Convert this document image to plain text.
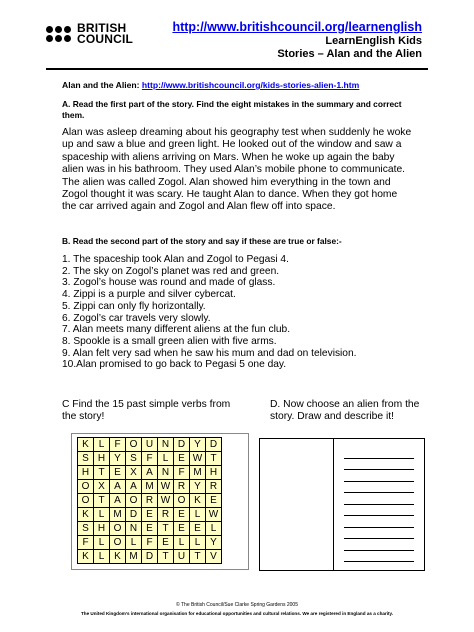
BRITISH
COUNCIL
http://www.britishcouncil.org/learnenglish
LearnEnglish Kids
Stories – Alan and the Alien
Alan and the Alien: http://www.britishcouncil.org/kids-stories-alien-1.htm
A. Read the first part of the story. Find the eight mistakes in the summary and correct them.
Alan was asleep dreaming about his geography test when suddenly he woke up and saw a blue and green light. He looked out of the window and saw a spaceship with aliens arriving on Mars. When he woke up again the baby alien was in his bathroom. They used Alan’s mobile phone to communicate. The alien was called Zogol. Alan showed him everything in the town and Zogol thought it was scary. He taught Alan to dance. When they got home the car arrived again and Zogol and Alan flew off into space.
B. Read the second part of the story and say if these are true or false:-
1. The spaceship took Alan and Zogol to Pegasi 4.
2. The sky on Zogol’s planet was red and green.
3. Zogol’s house was round and made of glass.
4. Zippi is a purple and silver cybercat.
5. Zippi can only fly horizontally.
6. Zogol’s car travels very slowly.
7. Alan meets many different aliens at the fun club.
8. Spookle is a small green alien with five arms.
9. Alan felt very sad when he saw his mum and dad on television.
10.Alan promised to go back to Pegasi 5 one day.
C Find the 15 past simple verbs from the story!
D. Now choose an alien from the story. Draw and describe it!
K	L	F	O	U	N	D	Y	D
S	H	Y	S	F	L	E	W	T
H	T	E	X	A	N	F	M	H
O	X	A	A	M	W	R	Y	R
O	T	A	O	R	W	O	K	E
K	L	M	D	E	R	E	L	W
S	H	O	N	E	T	E	E	L
F	L	O	L	F	E	L	L	Y
K	L	K	M	D	T	U	T	V
© The British Council/Sue Clarke Spring Gardens 2005
The United Kingdom’s international organisation for educational opportunities and cultural relations. We are registered in England as a charity.
